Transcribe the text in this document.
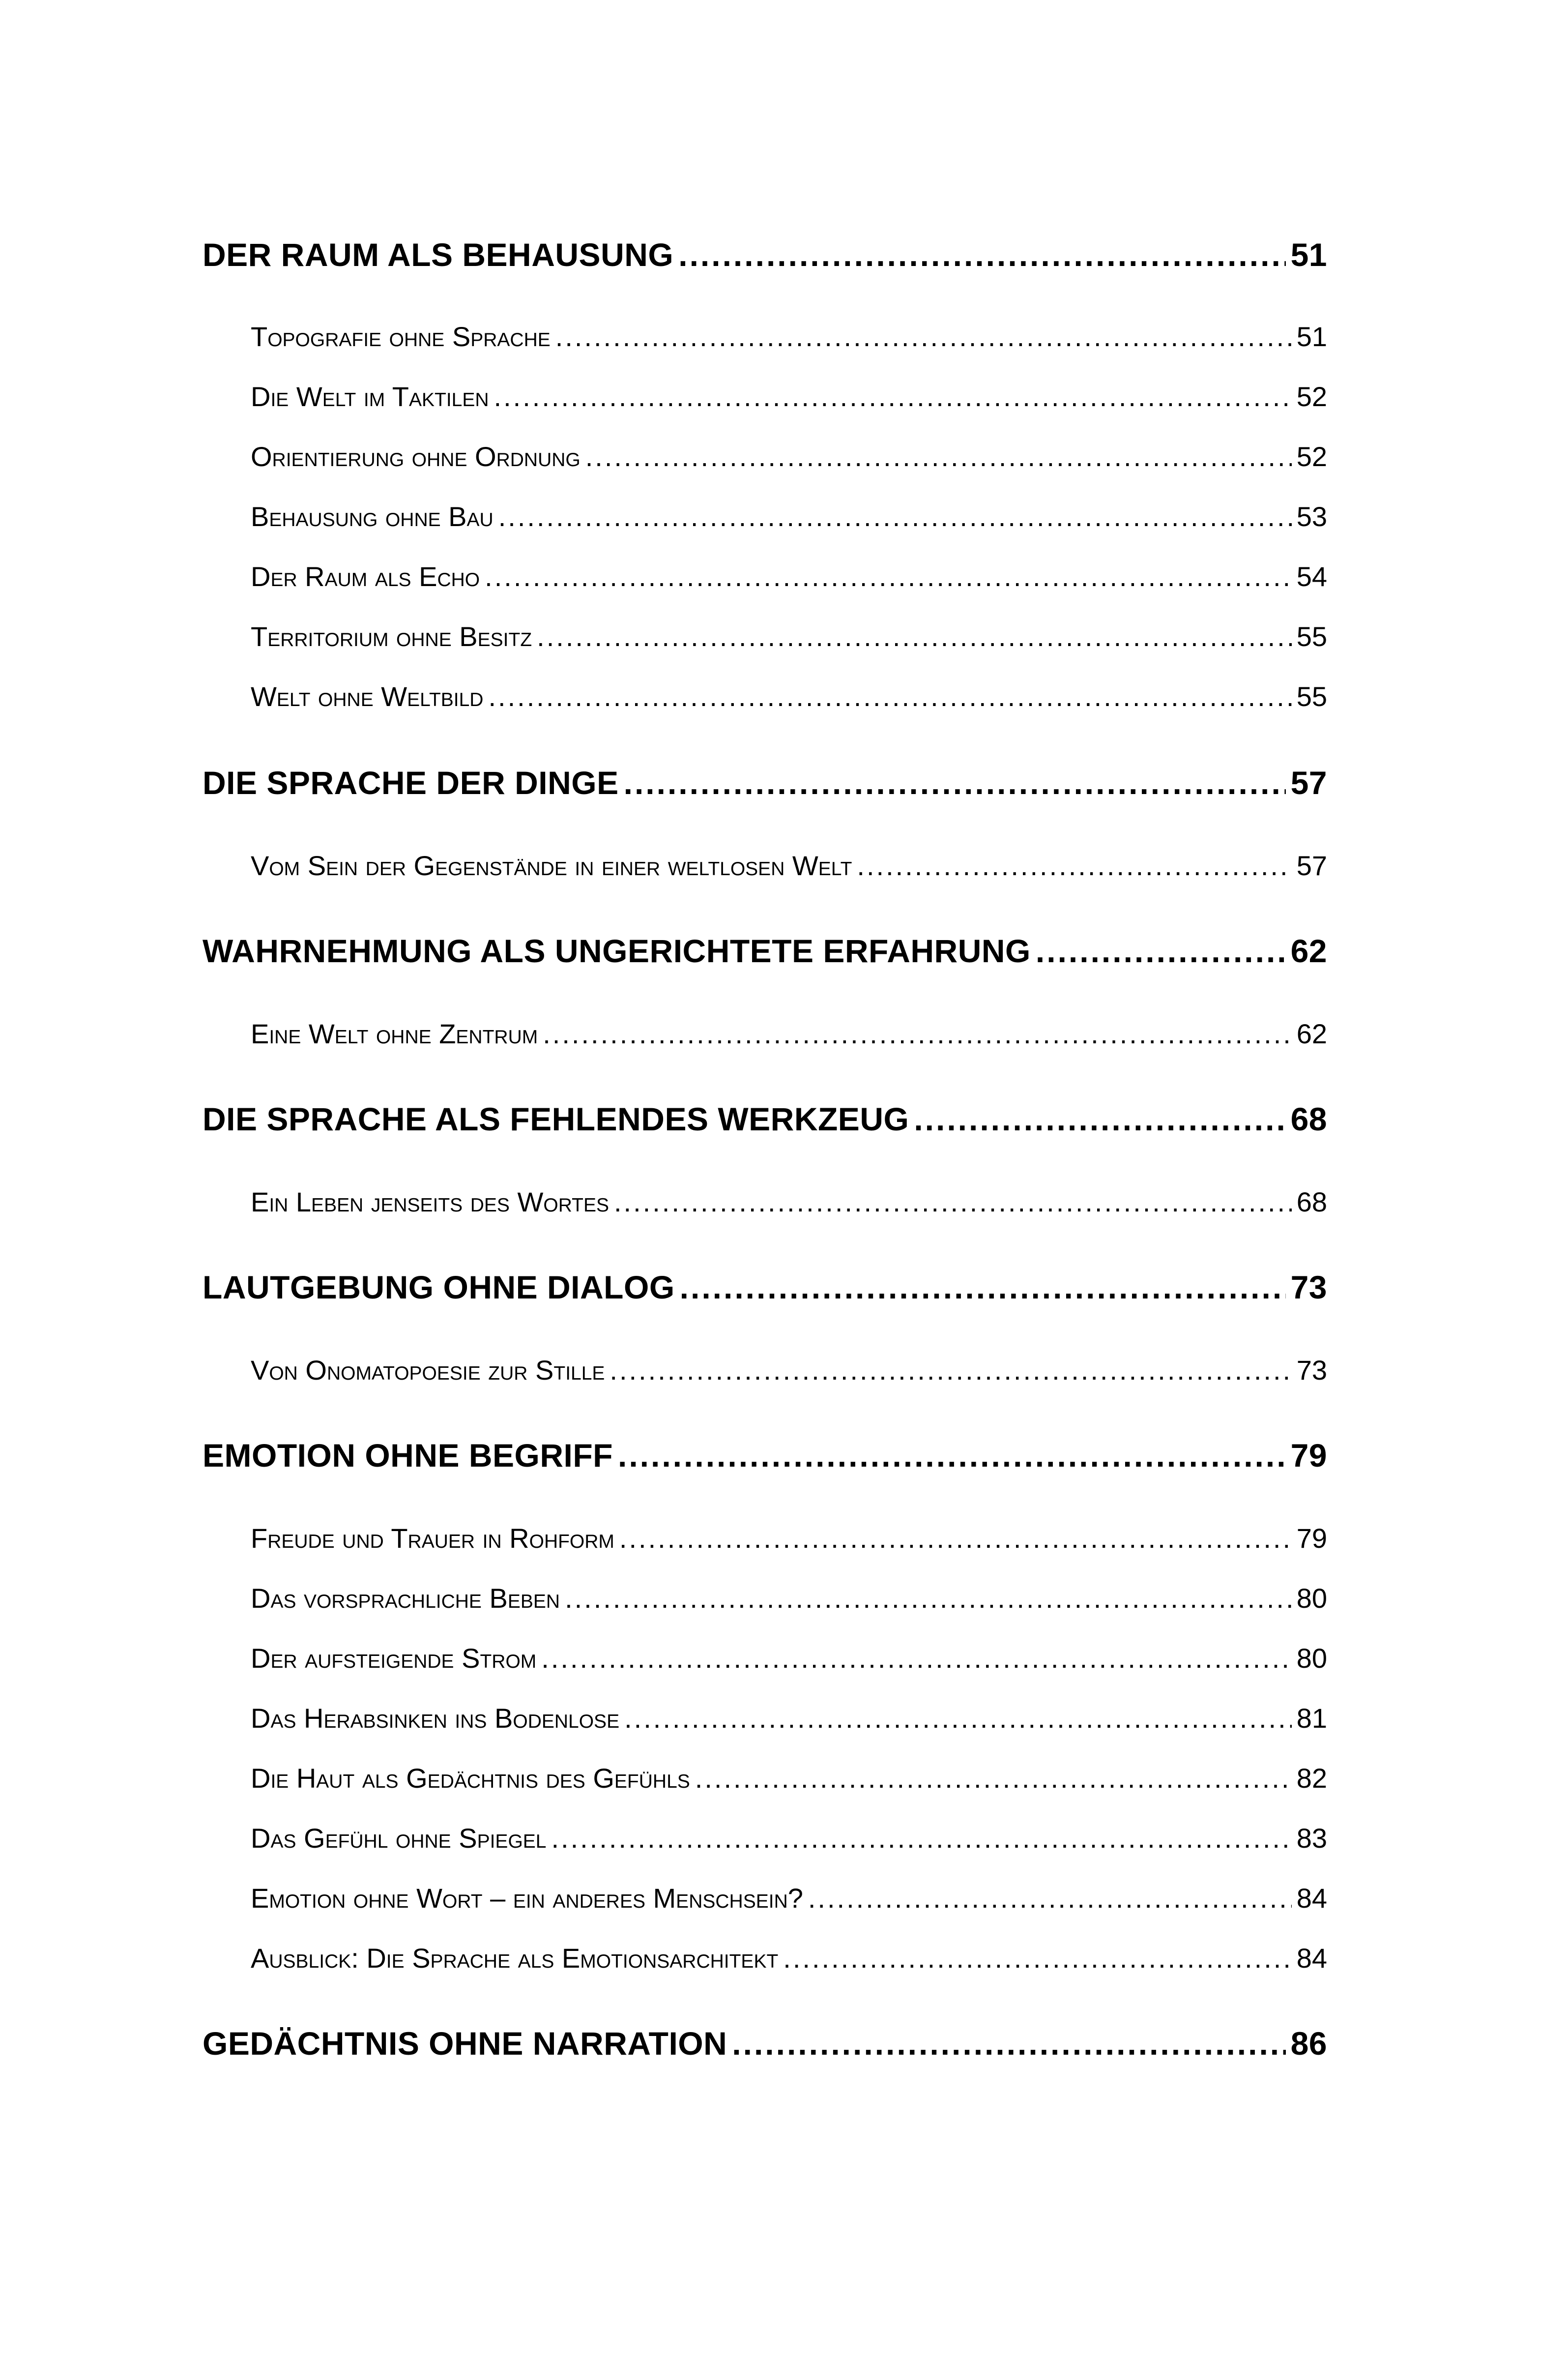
DER RAUM ALS BEHAUSUNG .....	51
Topografie ohne Sprache .....	51
Die Welt im Taktilen .....	52
Orientierung ohne Ordnung .....	52
Behausung ohne Bau .....	53
Der Raum als Echo .....	54
Territorium ohne Besitz .....	55
Welt ohne Weltbild .....	55
DIE SPRACHE DER DINGE .....	57
Vom Sein der Gegenstände in einer weltlosen Welt .....	57
WAHRNEHMUNG ALS UNGERICHTETE ERFAHRUNG .....	62
Eine Welt ohne Zentrum .....	62
DIE SPRACHE ALS FEHLENDES WERKZEUG .....	68
Ein Leben jenseits des Wortes .....	68
LAUTGEBUNG OHNE DIALOG .....	73
Von Onomatopoesie zur Stille .....	73
EMOTION OHNE BEGRIFF .....	79
Freude und Trauer in Rohform .....	79
Das vorsprachliche Beben .....	80
Der aufsteigende Strom .....	80
Das Herabsinken ins Bodenlose .....	81
Die Haut als Gedächtnis des Gefühls .....	82
Das Gefühl ohne Spiegel .....	83
Emotion ohne Wort – ein anderes Menschsein? .....	84
Ausblick: Die Sprache als Emotionsarchitekt .....	84
GEDÄCHTNIS OHNE NARRATION .....	86
